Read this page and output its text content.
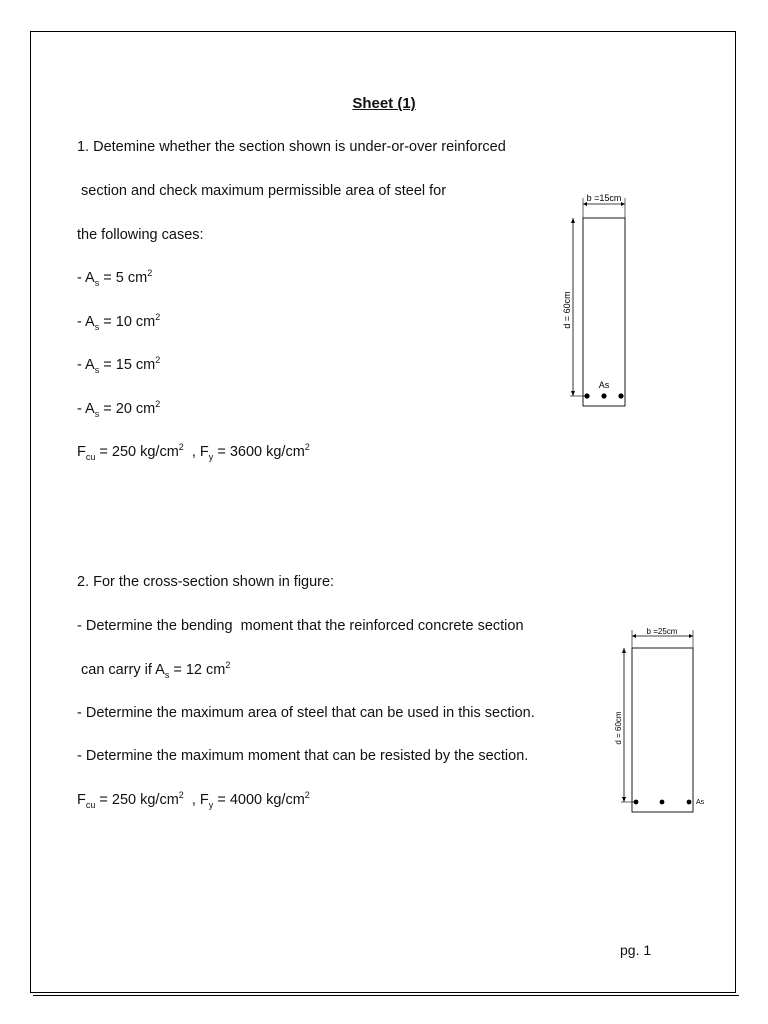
Sheet (1)
1. Detemine whether the section shown is under-or-over reinforced
section and check maximum permissible area of steel for
the following cases:
- $A_s = 5$ $cm^2$
- $A_s = 10$ $cm^2$
- $A_s = 15$ $cm^2$
- $A_s = 20$ $cm^2$
$F_{cu} = 250$ $kg/cm^2$  , $F_y = 3600$ $kg/cm^2$
b =15cm
d = 60cm
As
2. For the cross-section shown in figure:
- Determine the bending  moment that the reinforced concrete section
can carry if $A_s = 12$ $cm^2$
- Determine the maximum area of steel that can be used in this section.
- Determine the maximum moment that can be resisted by the section.
$F_{cu} = 250$ $kg/cm^2$  , $F_y = 4000$ $kg/cm^2$
b =25cm
d = 60cm
As
pg. 1
